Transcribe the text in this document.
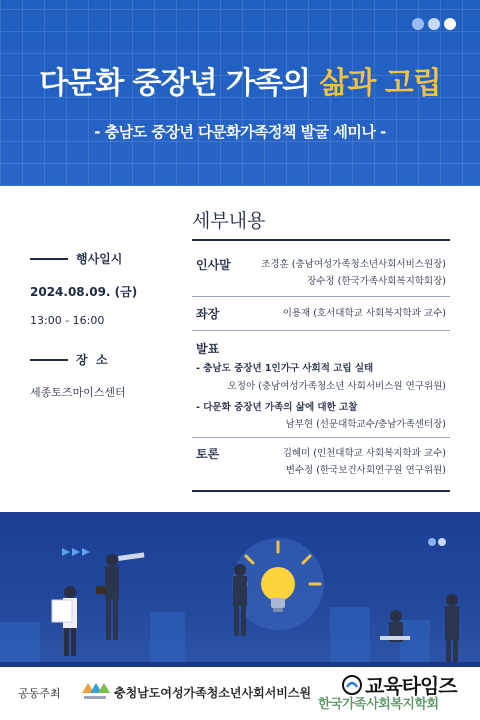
다문화 중장년 가족의 삶과 고립
- 충남도 중장년 다문화가족정책 발굴 세미나 -
행사일시
2024.08.09. (금)
13:00 - 16:00
장  소
세종토즈마이스센터
세부내용
인사말	조경훈 (충남여성가족청소년사회서비스원장)
장수정 (한국가족사회복지학회장)
좌장	이용재 (호서대학교 사회복지학과 교수)
발표
- 충남도 중장년 1인가구 사회적 고립 실태
오정아 (충남여성가족청소년 사회서비스원 연구위원)
- 다문화 중장년 가족의 삶에 대한 고찰
남부현 (선문대학교수/충남가족센터장)
토론	김혜미 (인천대학교 사회복지학과 교수)
변수정 (한국보건사회연구원 연구위원)
공동주최	충청남도여성가족청소년사회서비스원
한국가족사회복지학회
교육타임즈
